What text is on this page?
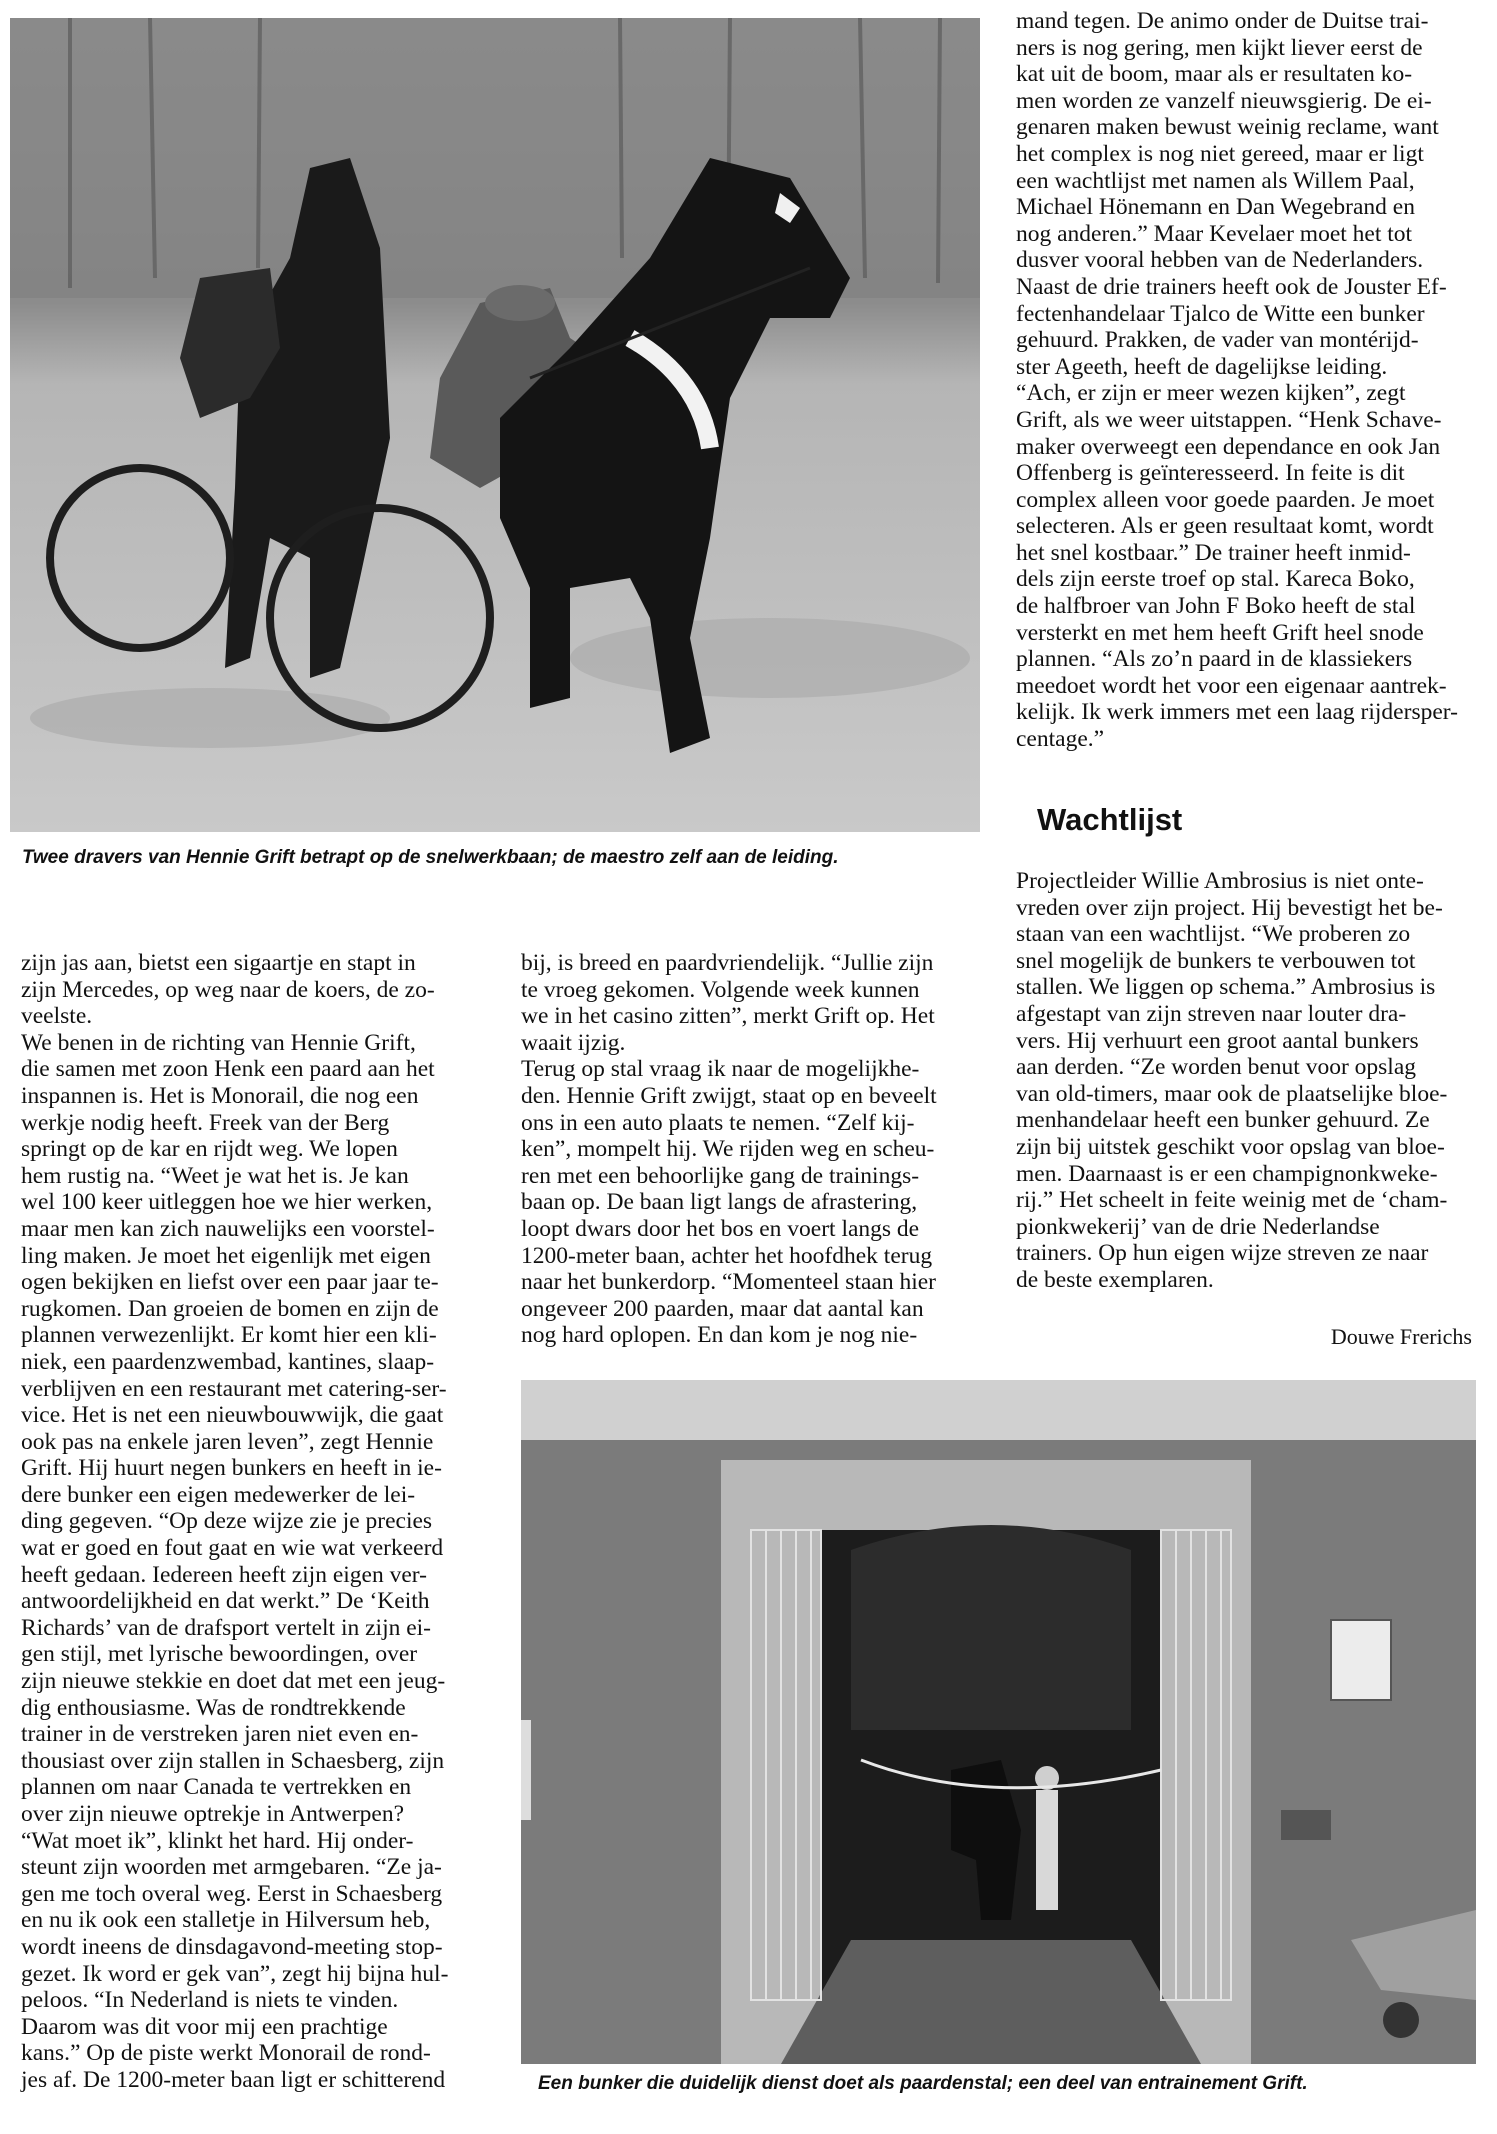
Twee dravers van Hennie Grift betrapt op de snelwerkbaan; de maestro zelf aan de leiding.
mand tegen. De animo onder de Duitse trai-
ners is nog gering, men kijkt liever eerst de
kat uit de boom, maar als er resultaten ko-
men worden ze vanzelf nieuwsgierig. De ei-
genaren maken bewust weinig reclame, want
het complex is nog niet gereed, maar er ligt
een wachtlijst met namen als Willem Paal,
Michael Hönemann en Dan Wegebrand en
nog anderen.” Maar Kevelaer moet het tot
dusver vooral hebben van de Nederlanders.
Naast de drie trainers heeft ook de Jouster Ef-
fectenhandelaar Tjalco de Witte een bunker
gehuurd. Prakken, de vader van montérijd-
ster Ageeth, heeft de dagelijkse leiding.
“Ach, er zijn er meer wezen kijken”, zegt
Grift, als we weer uitstappen. “Henk Schave-
maker overweegt een dependance en ook Jan
Offenberg is geïnteresseerd. In feite is dit
complex alleen voor goede paarden. Je moet
selecteren. Als er geen resultaat komt, wordt
het snel kostbaar.” De trainer heeft inmid-
dels zijn eerste troef op stal. Kareca Boko,
de halfbroer van John F Boko heeft de stal
versterkt en met hem heeft Grift heel snode
plannen. “Als zo’n paard in de klassiekers
meedoet wordt het voor een eigenaar aantrek-
kelijk. Ik werk immers met een laag rijdersper-
centage.”
Wachtlijst
Projectleider Willie Ambrosius is niet onte-
vreden over zijn project. Hij bevestigt het be-
staan van een wachtlijst. “We proberen zo
snel mogelijk de bunkers te verbouwen tot
stallen. We liggen op schema.” Ambrosius is
afgestapt van zijn streven naar louter dra-
vers. Hij verhuurt een groot aantal bunkers
aan derden. “Ze worden benut voor opslag
van old-timers, maar ook de plaatselijke bloe-
menhandelaar heeft een bunker gehuurd. Ze
zijn bij uitstek geschikt voor opslag van bloe-
men. Daarnaast is er een champignonkweke-
rij.” Het scheelt in feite weinig met de ‘cham-
pionkwekerij’ van de drie Nederlandse
trainers. Op hun eigen wijze streven ze naar
de beste exemplaren.
Douwe Frerichs
zijn jas aan, bietst een sigaartje en stapt in
zijn Mercedes, op weg naar de koers, de zo-
veelste.
We benen in de richting van Hennie Grift,
die samen met zoon Henk een paard aan het
inspannen is. Het is Monorail, die nog een
werkje nodig heeft. Freek van der Berg
springt op de kar en rijdt weg. We lopen
hem rustig na. “Weet je wat het is. Je kan
wel 100 keer uitleggen hoe we hier werken,
maar men kan zich nauwelijks een voorstel-
ling maken. Je moet het eigenlijk met eigen
ogen bekijken en liefst over een paar jaar te-
rugkomen. Dan groeien de bomen en zijn de
plannen verwezenlijkt. Er komt hier een kli-
niek, een paardenzwembad, kantines, slaap-
verblijven en een restaurant met catering-ser-
vice. Het is net een nieuwbouwwijk, die gaat
ook pas na enkele jaren leven”, zegt Hennie
Grift. Hij huurt negen bunkers en heeft in ie-
dere bunker een eigen medewerker de lei-
ding gegeven. “Op deze wijze zie je precies
wat er goed en fout gaat en wie wat verkeerd
heeft gedaan. Iedereen heeft zijn eigen ver-
antwoordelijkheid en dat werkt.” De ‘Keith
Richards’ van de drafsport vertelt in zijn ei-
gen stijl, met lyrische bewoordingen, over
zijn nieuwe stekkie en doet dat met een jeug-
dig enthousiasme. Was de rondtrekkende
trainer in de verstreken jaren niet even en-
thousiast over zijn stallen in Schaesberg, zijn
plannen om naar Canada te vertrekken en
over zijn nieuwe optrekje in Antwerpen?
“Wat moet ik”, klinkt het hard. Hij onder-
steunt zijn woorden met armgebaren. “Ze ja-
gen me toch overal weg. Eerst in Schaesberg
en nu ik ook een stalletje in Hilversum heb,
wordt ineens de dinsdagavond-meeting stop-
gezet. Ik word er gek van”, zegt hij bijna hul-
peloos. “In Nederland is niets te vinden.
Daarom was dit voor mij een prachtige
kans.” Op de piste werkt Monorail de rond-
jes af. De 1200-meter baan ligt er schitterend
bij, is breed en paardvriendelijk. “Jullie zijn
te vroeg gekomen. Volgende week kunnen
we in het casino zitten”, merkt Grift op. Het
waait ijzig.
Terug op stal vraag ik naar de mogelijkhe-
den. Hennie Grift zwijgt, staat op en beveelt
ons in een auto plaats te nemen. “Zelf kij-
ken”, mompelt hij. We rijden weg en scheu-
ren met een behoorlijke gang de trainings-
baan op. De baan ligt langs de afrastering,
loopt dwars door het bos en voert langs de
1200-meter baan, achter het hoofdhek terug
naar het bunkerdorp. “Momenteel staan hier
ongeveer 200 paarden, maar dat aantal kan
nog hard oplopen. En dan kom je nog nie-
Een bunker die duidelijk dienst doet als paardenstal; een deel van entrainement Grift.
